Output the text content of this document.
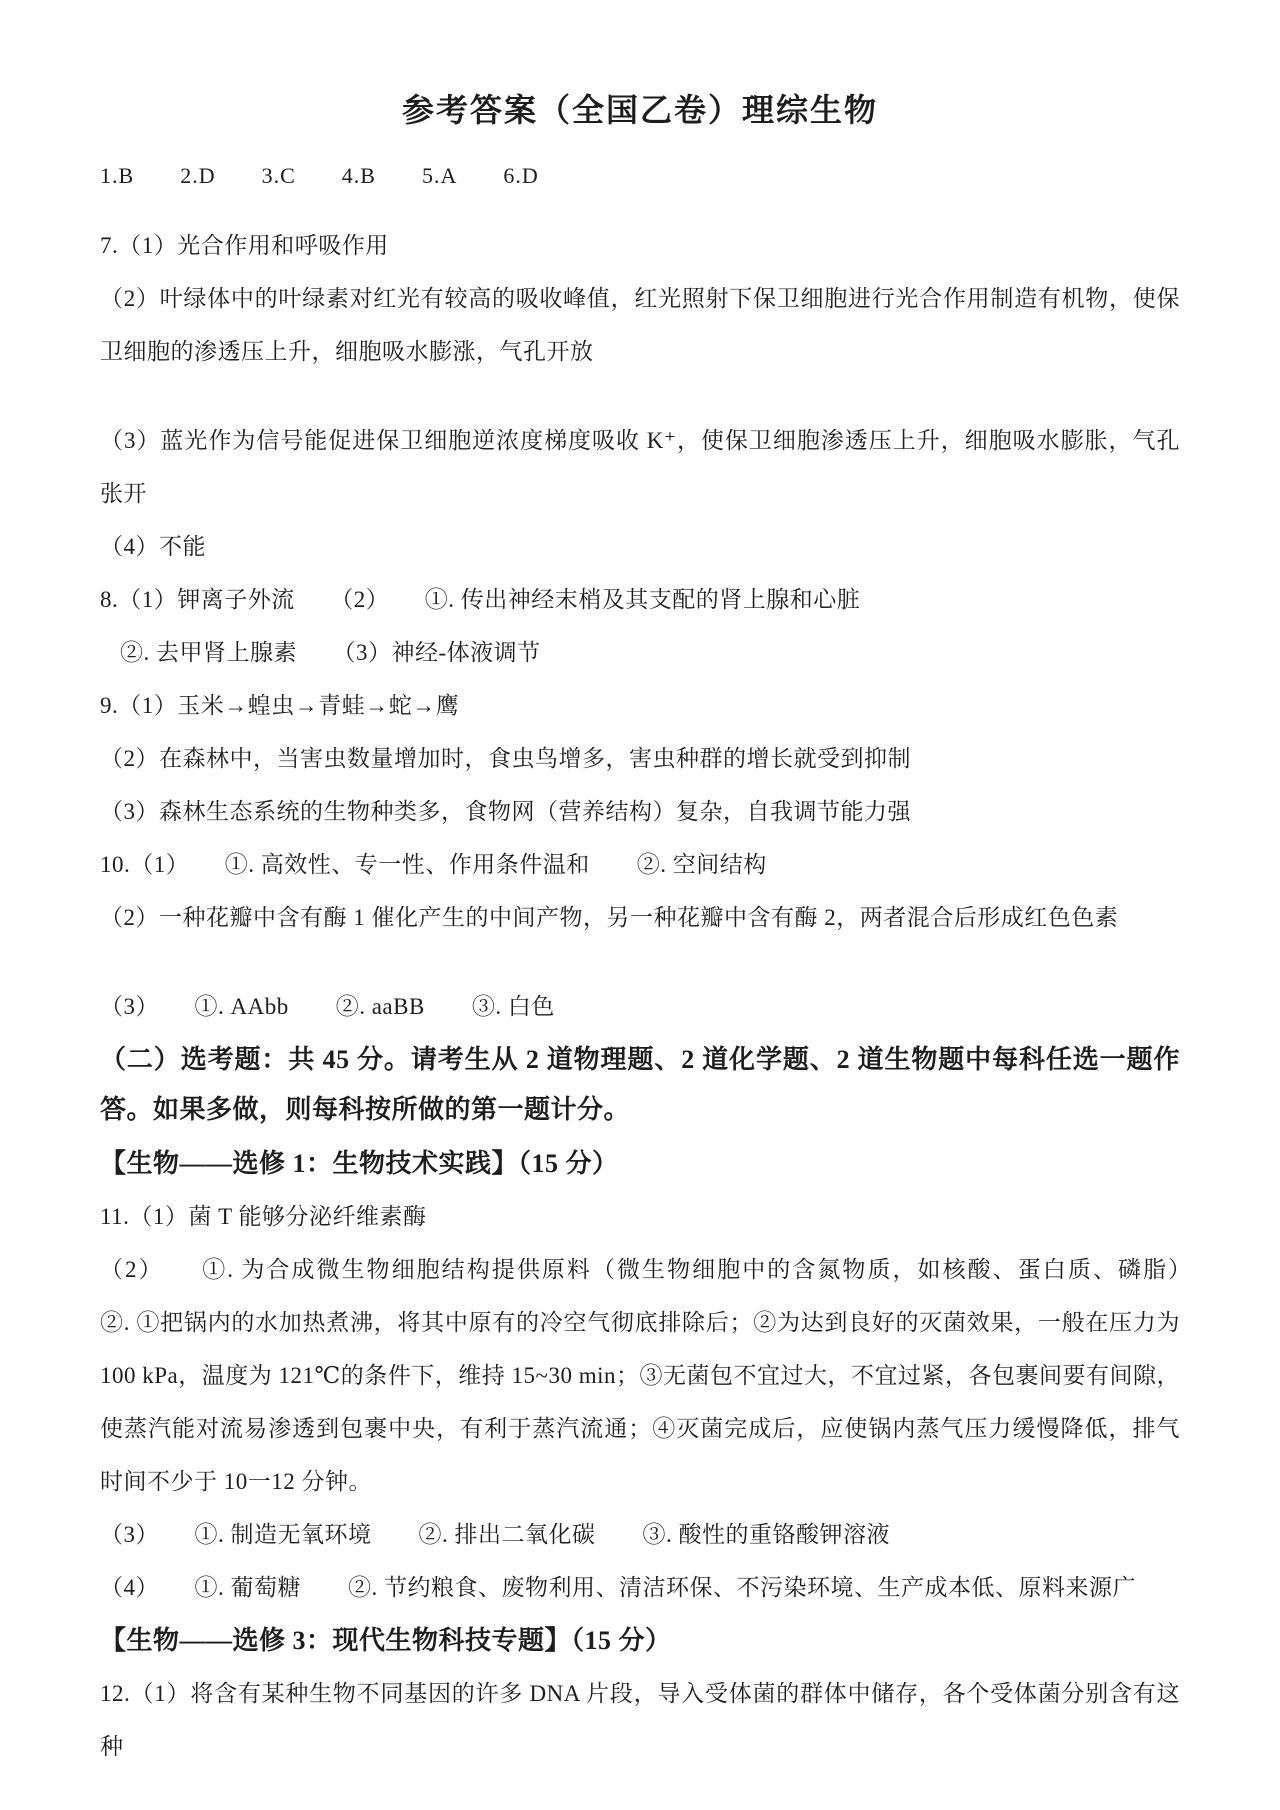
参考答案（全国乙卷）理综生物
1.B 2.D 3.C 4.B 5.A 6.D

7.（1）光合作用和呼吸作用

（2）叶绿体中的叶绿素对红光有较高的吸收峰值，红光照射下保卫细胞进行光合作用制造有机物，使保卫细胞的渗透压上升，细胞吸水膨涨，气孔开放

（3）蓝光作为信号能促进保卫细胞逆浓度梯度吸收 K⁺，使保卫细胞渗透压上升，细胞吸水膨胀，气孔张开

（4）不能

8.（1）钾离子外流　　（2）　　①. 传出神经末梢及其支配的肾上腺和心脏

②. 去甲肾上腺素　　（3）神经-体液调节

9.（1）玉米→蝗虫→青蛙→蛇→鹰

（2）在森林中，当害虫数量增加时，食虫鸟增多，害虫种群的增长就受到抑制

（3）森林生态系统的生物种类多，食物网（营养结构）复杂，自我调节能力强

10.（1）　　①. 高效性、专一性、作用条件温和　　②. 空间结构

（2）一种花瓣中含有酶 1 催化产生的中间产物，另一种花瓣中含有酶 2，两者混合后形成红色色素

（3）　　①. AAbb　　②. aaBB　　③. 白色

（二）选考题：共 45 分。请考生从 2 道物理题、2 道化学题、2 道生物题中每科任选一题作答。如果多做，则每科按所做的第一题计分。

【生物——选修 1：生物技术实践】（15 分）

11.（1）菌 T 能够分泌纤维素酶

（2）　　①. 为合成微生物细胞结构提供原料（微生物细胞中的含氮物质，如核酸、蛋白质、磷脂）　　②. ①把锅内的水加热煮沸，将其中原有的冷空气彻底排除后；②为达到良好的灭菌效果，一般在压力为 100 kPa，温度为 121℃的条件下，维持 15~30 min；③无菌包不宜过大，不宜过紧，各包裹间要有间隙，使蒸汽能对流易渗透到包裹中央，有利于蒸汽流通；④灭菌完成后，应使锅内蒸气压力缓慢降低，排气时间不少于 10一12 分钟。

（3）　　①. 制造无氧环境　　②. 排出二氧化碳　　③. 酸性的重铬酸钾溶液

（4）　　①. 葡萄糖　　②. 节约粮食、废物利用、清洁环保、不污染环境、生产成本低、原料来源广

【生物——选修 3：现代生物科技专题】（15 分）

12.（1）将含有某种生物不同基因的许多 DNA 片段，导入受体菌的群体中储存，各个受体菌分别含有这种
